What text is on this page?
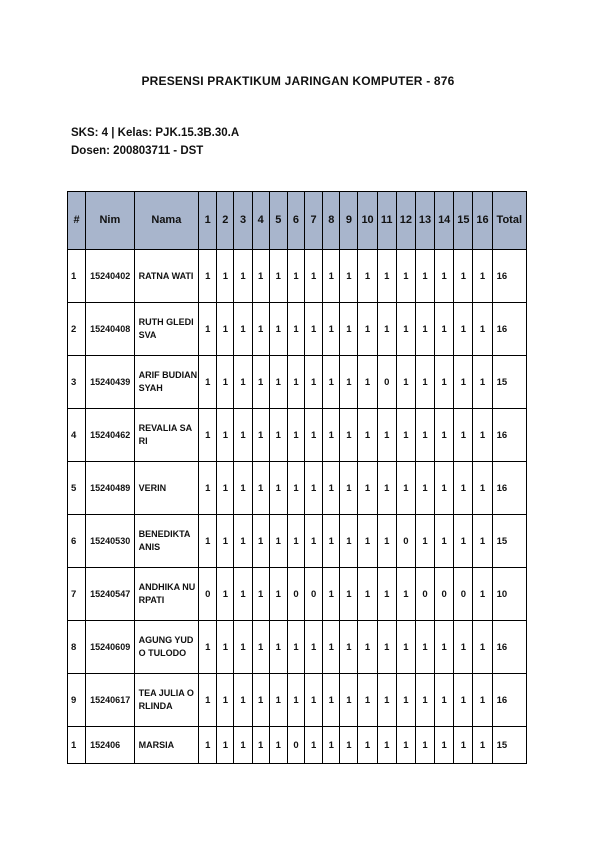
PRESENSI PRAKTIKUM JARINGAN KOMPUTER - 876
SKS: 4 | Kelas: PJK.15.3B.30.A
Dosen: 200803711 - DST
#	Nim	Nama	1	2	3	4	5	6	7	8	9	10	11	12	13	14	15	16	Total
1	15240402	RATNA WATI	1	1	1	1	1	1	1	1	1	1	1	1	1	1	1	1	16
2	15240408	RUTH GLEDISVA	1	1	1	1	1	1	1	1	1	1	1	1	1	1	1	1	16
3	15240439	ARIF BUDIANSYAH	1	1	1	1	1	1	1	1	1	1	0	1	1	1	1	1	15
4	15240462	REVALIA SARI	1	1	1	1	1	1	1	1	1	1	1	1	1	1	1	1	16
5	15240489	VERIN	1	1	1	1	1	1	1	1	1	1	1	1	1	1	1	1	16
6	15240530	BENEDIKTA ANIS	1	1	1	1	1	1	1	1	1	1	1	0	1	1	1	1	15
7	15240547	ANDHIKA NURPATI	0	1	1	1	1	0	0	1	1	1	1	1	0	0	0	1	10
8	15240609	AGUNG YUDO TULODO	1	1	1	1	1	1	1	1	1	1	1	1	1	1	1	1	16
9	15240617	TEA JULIA ORLINDA	1	1	1	1	1	1	1	1	1	1	1	1	1	1	1	1	16
1	152406	MARSIA	1	1	1	1	1	0	1	1	1	1	1	1	1	1	1	1	15
